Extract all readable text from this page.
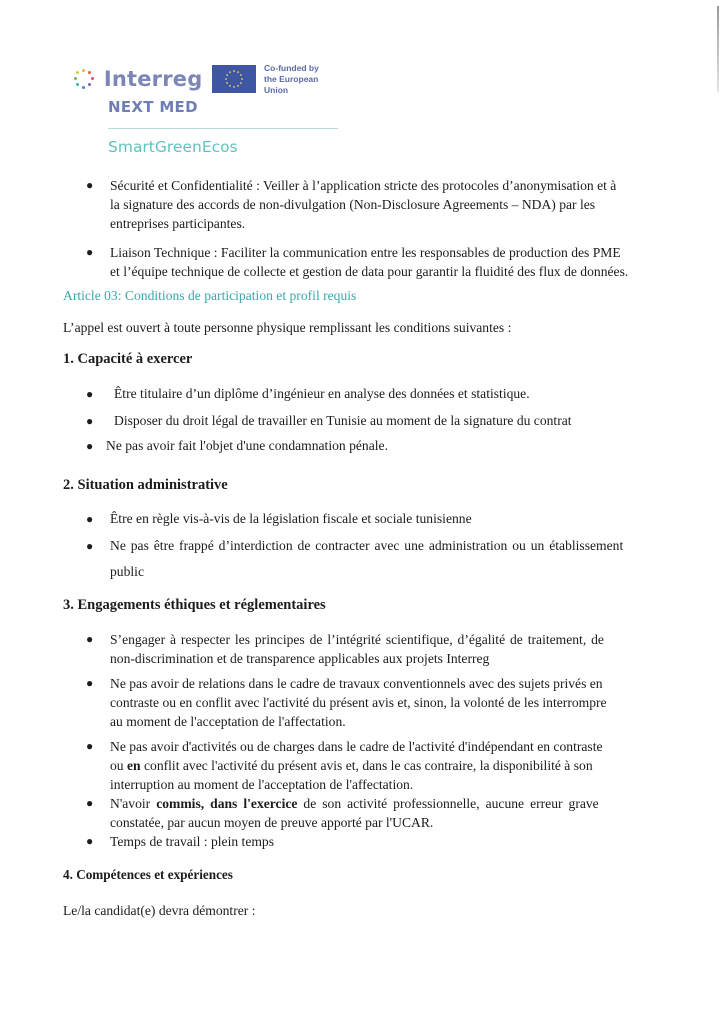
Interreg	Co-funded by
the European Union
NEXT MED
SmartGreenEcos
● Sécurité et Confidentialité : Veiller à l’application stricte des protocoles d’anonymisation et à
la signature des accords de non-divulgation (Non-Disclosure Agreements – NDA) par les
entreprises participantes.
● Liaison Technique : Faciliter la communication entre les responsables de production des PME
et l’équipe technique de collecte et gestion de data pour garantir la fluidité des flux de données.
Article 03: Conditions de participation et profil requis
L’appel est ouvert à toute personne physique remplissant les conditions suivantes :
1. Capacité à exercer
● Être titulaire d’un diplôme d’ingénieur en analyse des données et statistique.
● Disposer du droit légal de travailler en Tunisie au moment de la signature du contrat
● Ne pas avoir fait l'objet d'une condamnation pénale.
2. Situation administrative
● Être en règle vis-à-vis de la législation fiscale et sociale tunisienne
● Ne pas être frappé d’interdiction de contracter avec une administration ou un établissement
public
3. Engagements éthiques et réglementaires
● S’engager à respecter les principes de l’intégrité scientifique, d’égalité de traitement, de
non-discrimination et de transparence applicables aux projets Interreg
● Ne pas avoir de relations dans le cadre de travaux conventionnels avec des sujets privés en
contraste ou en conflit avec l'activité du présent avis et, sinon, la volonté de les interrompre
au moment de l'acceptation de l'affectation.
● Ne pas avoir d'activités ou de charges dans le cadre de l'activité d'indépendant en contraste
ou en conflit avec l'activité du présent avis et, dans le cas contraire, la disponibilité à son
interruption au moment de l'acceptation de l'affectation.
● N'avoir commis, dans l'exercice de son activité professionnelle, aucune erreur grave
constatée, par aucun moyen de preuve apporté par l'UCAR.
● Temps de travail : plein temps
4. Compétences et expériences
Le/la candidat(e) devra démontrer :
